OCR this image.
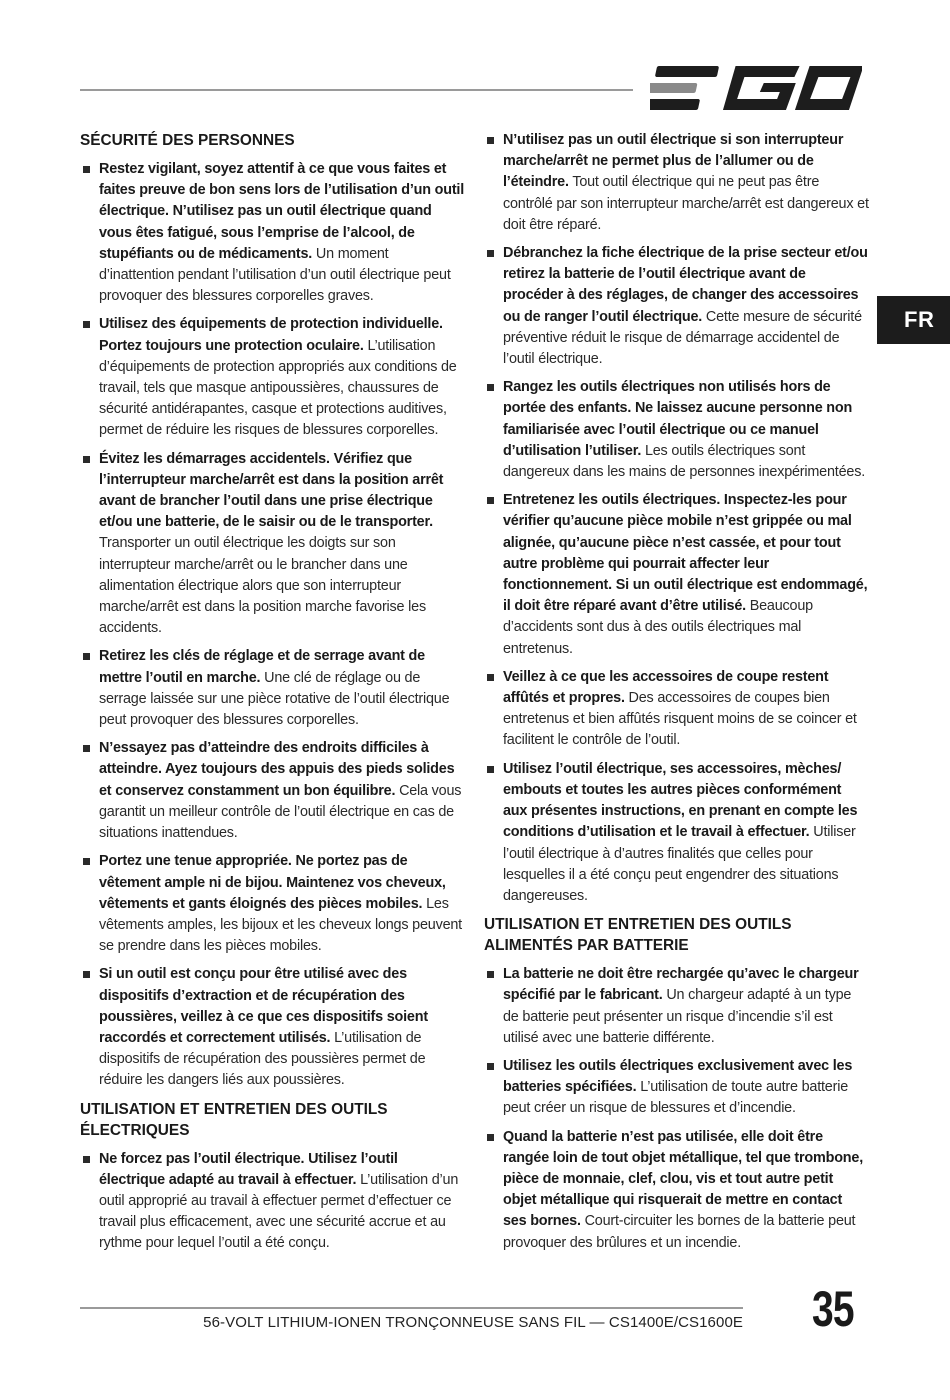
FR
SÉCURITÉ DES PERSONNES
Restez vigilant, soyez attentif à ce que vous faites et faites preuve de bon sens lors de l’utilisation d’un outil électrique. N’utilisez pas un outil électrique quand vous êtes fatigué, sous l’emprise de l’alcool, de stupéfiants ou de médicaments. Un moment d’inattention pendant l’utilisation d’un outil électrique peut provoquer des blessures corporelles graves.
Utilisez des équipements de protection individuelle. Portez toujours une protection oculaire. L’utilisation d’équipements de protection appropriés aux conditions de travail, tels que masque antipoussières, chaussures de sécurité antidérapantes, casque et protections auditives, permet de réduire les risques de blessures corporelles.
Évitez les démarrages accidentels. Vérifiez que l’interrupteur marche/arrêt est dans la position arrêt avant de brancher l’outil dans une prise électrique et/ou une batterie, de le saisir ou de le transporter. Transporter un outil électrique les doigts sur son interrupteur marche/arrêt ou le brancher dans une alimentation électrique alors que son interrupteur marche/arrêt est dans la position marche favorise les accidents.
Retirez les clés de réglage et de serrage avant de mettre l’outil en marche. Une clé de réglage ou de serrage laissée sur une pièce rotative de l’outil électrique peut provoquer des blessures corporelles.
N’essayez pas d’atteindre des endroits difficiles à atteindre. Ayez toujours des appuis des pieds solides et conservez constamment un bon équilibre. Cela vous garantit un meilleur contrôle de l’outil électrique en cas de situations inattendues.
Portez une tenue appropriée. Ne portez pas de vêtement ample ni de bijou. Maintenez vos cheveux, vêtements et gants éloignés des pièces mobiles. Les vêtements amples, les bijoux et les cheveux longs peuvent se prendre dans les pièces mobiles.
Si un outil est conçu pour être utilisé avec des dispositifs d’extraction et de récupération des poussières, veillez à ce que ces dispositifs soient raccordés et correctement utilisés. L’utilisation de dispositifs de récupération des poussières permet de réduire les dangers liés aux poussières.
UTILISATION ET ENTRETIEN DES OUTILS ÉLECTRIQUES
Ne forcez pas l’outil électrique. Utilisez l’outil électrique adapté au travail à effectuer. L’utilisation d’un outil approprié au travail à effectuer permet d’effectuer ce travail plus efficacement, avec une sécurité accrue et au rythme pour lequel l’outil a été conçu.
N’utilisez pas un outil électrique si son interrupteur marche/arrêt ne permet plus de l’allumer ou de l’éteindre. Tout outil électrique qui ne peut pas être contrôlé par son interrupteur marche/arrêt est dangereux et doit être réparé.
Débranchez la fiche électrique de la prise secteur et/ou retirez la batterie de l’outil électrique avant de procéder à des réglages, de changer des accessoires ou de ranger l’outil électrique. Cette mesure de sécurité préventive réduit le risque de démarrage accidentel de l’outil électrique.
Rangez les outils électriques non utilisés hors de portée des enfants. Ne laissez aucune personne non familiarisée avec l’outil électrique ou ce manuel d’utilisation l’utiliser. Les outils électriques sont dangereux dans les mains de personnes inexpérimentées.
Entretenez les outils électriques. Inspectez-les pour vérifier qu’aucune pièce mobile n’est grippée ou mal alignée, qu’aucune pièce n’est cassée, et pour tout autre problème qui pourrait affecter leur fonctionnement. Si un outil électrique est endommagé, il doit être réparé avant d’être utilisé. Beaucoup d’accidents sont dus à des outils électriques mal entretenus.
Veillez à ce que les accessoires de coupe restent affûtés et propres. Des accessoires de coupes bien entretenus et bien affûtés risquent moins de se coincer et facilitent le contrôle de l’outil.
Utilisez l’outil électrique, ses accessoires, mèches/ embouts et toutes les autres pièces conformément aux présentes instructions, en prenant en compte les conditions d’utilisation et le travail à effectuer. Utiliser l’outil électrique à d’autres finalités que celles pour lesquelles il a été conçu peut engendrer des situations dangereuses.
UTILISATION ET ENTRETIEN DES OUTILS ALIMENTÉS PAR BATTERIE
La batterie ne doit être rechargée qu’avec le chargeur spécifié par le fabricant. Un chargeur adapté à un type de batterie peut présenter un risque d’incendie s’il est utilisé avec une batterie différente.
Utilisez les outils électriques exclusivement avec les batteries spécifiées. L’utilisation de toute autre batterie peut créer un risque de blessures et d’incendie.
Quand la batterie n’est pas utilisée, elle doit être rangée loin de tout objet métallique, tel que trombone, pièce de monnaie, clef, clou, vis et tout autre petit objet métallique qui risquerait de mettre en contact ses bornes. Court-circuiter les bornes de la batterie peut provoquer des brûlures et un incendie.
56-VOLT LITHIUM-IONEN TRONÇONNEUSE SANS FIL — CS1400E/CS1600E 35
